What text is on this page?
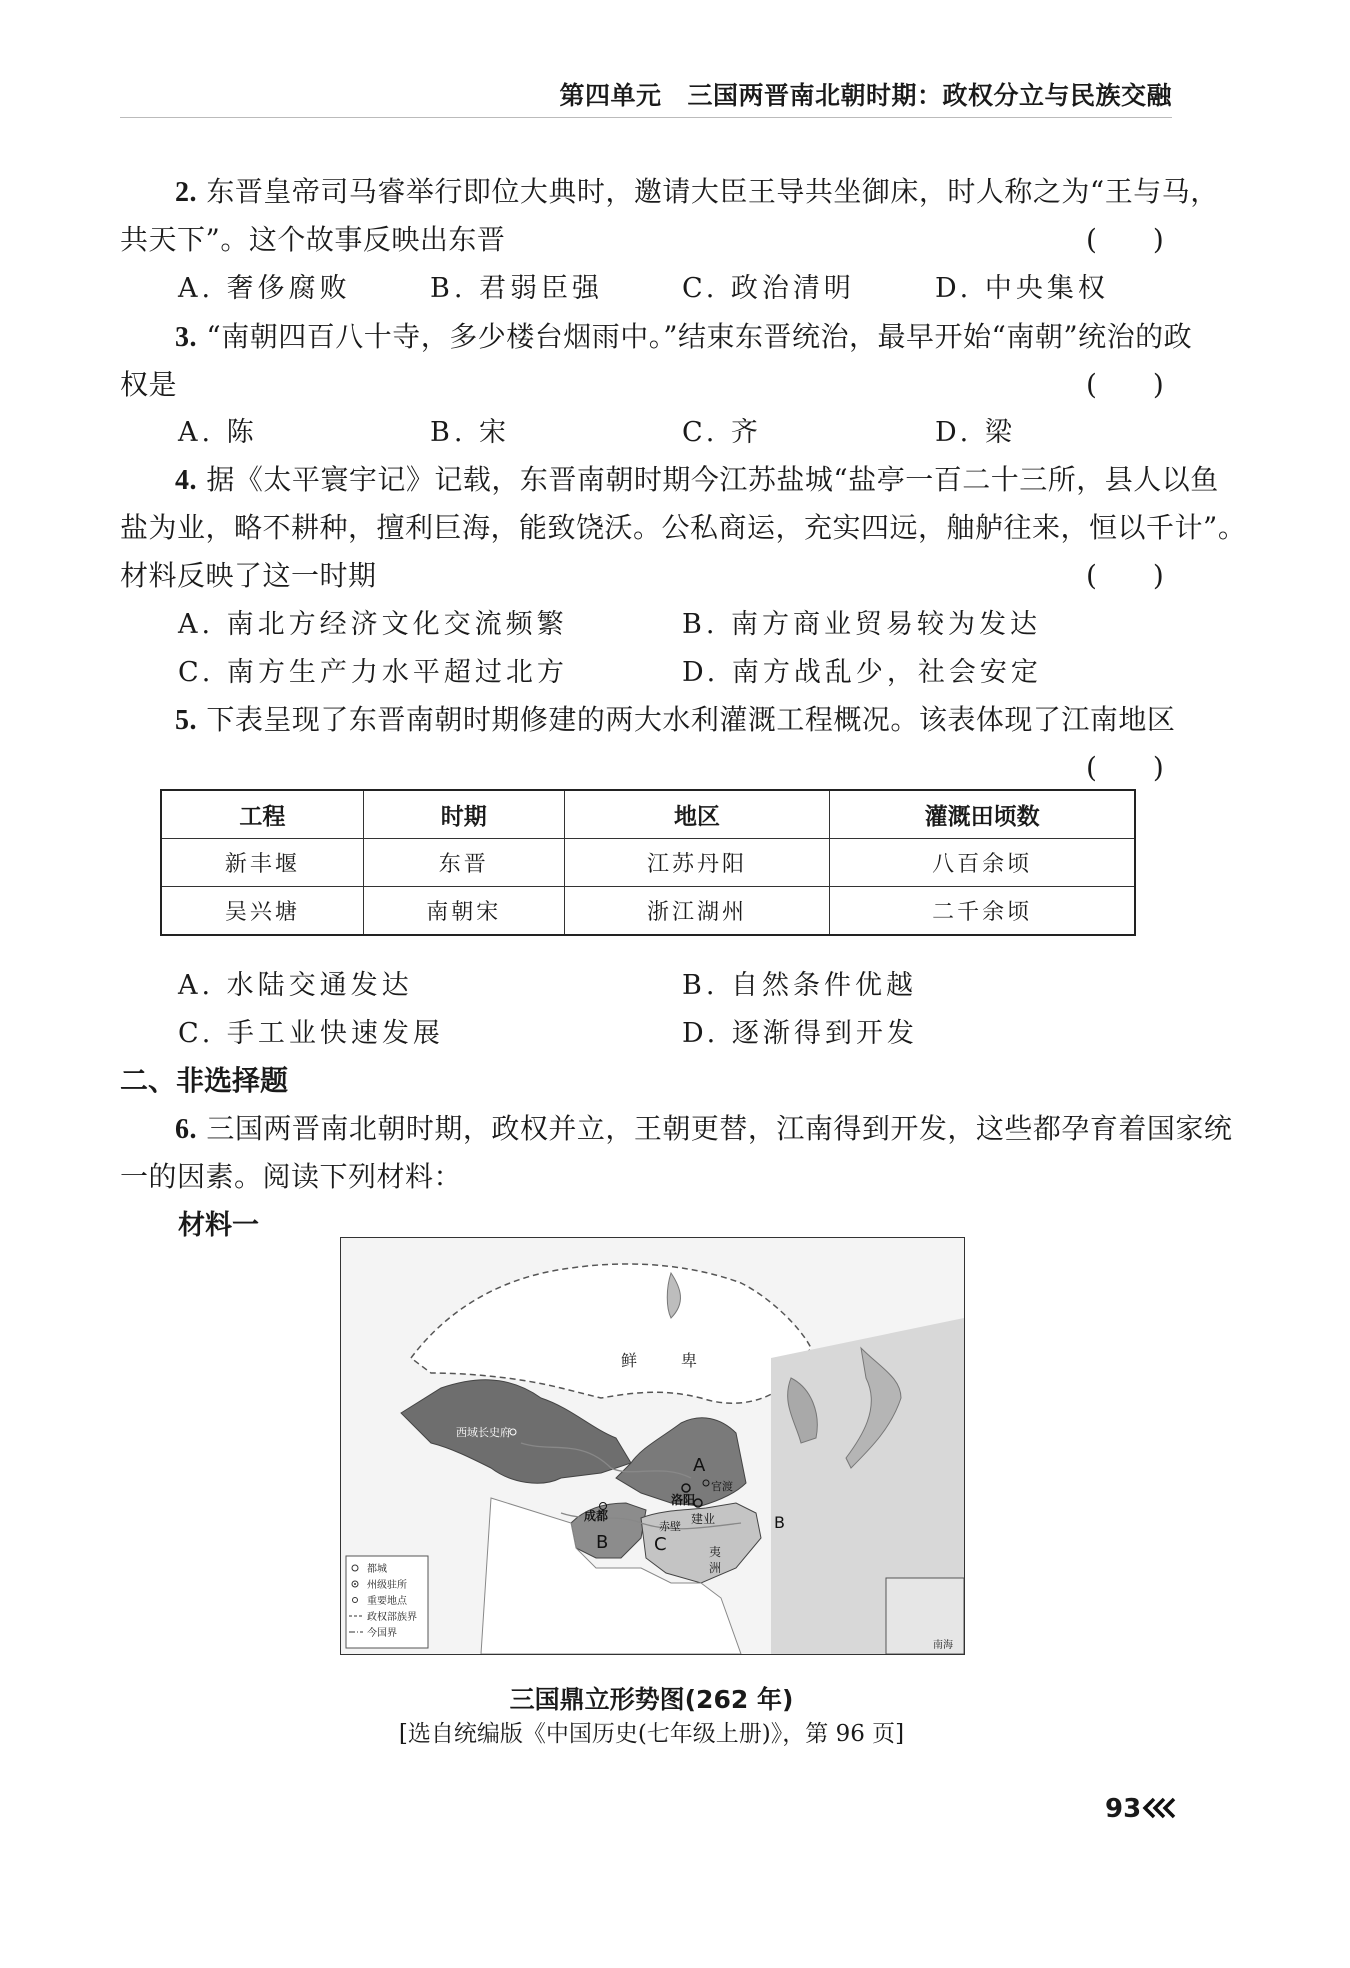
第四单元 三国两晋南北朝时期：政权分立与民族交融
2. 东晋皇帝司马睿举行即位大典时，邀请大臣王导共坐御床，时人称之为“王与马，
共天下”。这个故事反映出东晋	(　　)
A. 奢侈腐败	B. 君弱臣强	C. 政治清明	D. 中央集权
3. “南朝四百八十寺，多少楼台烟雨中。”结束东晋统治，最早开始“南朝”统治的政
权是	(　　)
A. 陈	B. 宋	C. 齐	D. 梁
4. 据《太平寰宇记》记载，东晋南朝时期今江苏盐城“盐亭一百二十三所，县人以鱼
盐为业，略不耕种，擅利巨海，能致饶沃。公私商运，充实四远，舳舻往来，恒以千计”。
材料反映了这一时期	(　　)
A. 南北方经济文化交流频繁	B. 南方商业贸易较为发达
C. 南方生产力水平超过北方	D. 南方战乱少，社会安定
5. 下表呈现了东晋南朝时期修建的两大水利灌溉工程概况。该表体现了江南地区
(　　)
工程	时期	地区	灌溉田顷数
新丰堰	东晋	江苏丹阳	八百余顷
吴兴塘	南朝宋	浙江湖州	二千余顷
A. 水陆交通发达	B. 自然条件优越
C. 手工业快速发展	D. 逐渐得到开发
二、非选择题
6. 三国两晋南北朝时期，政权并立，王朝更替，江南得到开发，这些都孕育着国家统
一的因素。阅读下列材料：
材料一
都城
州级驻所
重要地点
政权部族界
今国界
鲜	卑
西域长史府
A
官渡
洛阳
成都
B
赤壁
建业
C	夷
洲
B
南海
三国鼎立形势图(262 年)
[选自统编版《中国历史(七年级上册)》，第 96 页]
93
